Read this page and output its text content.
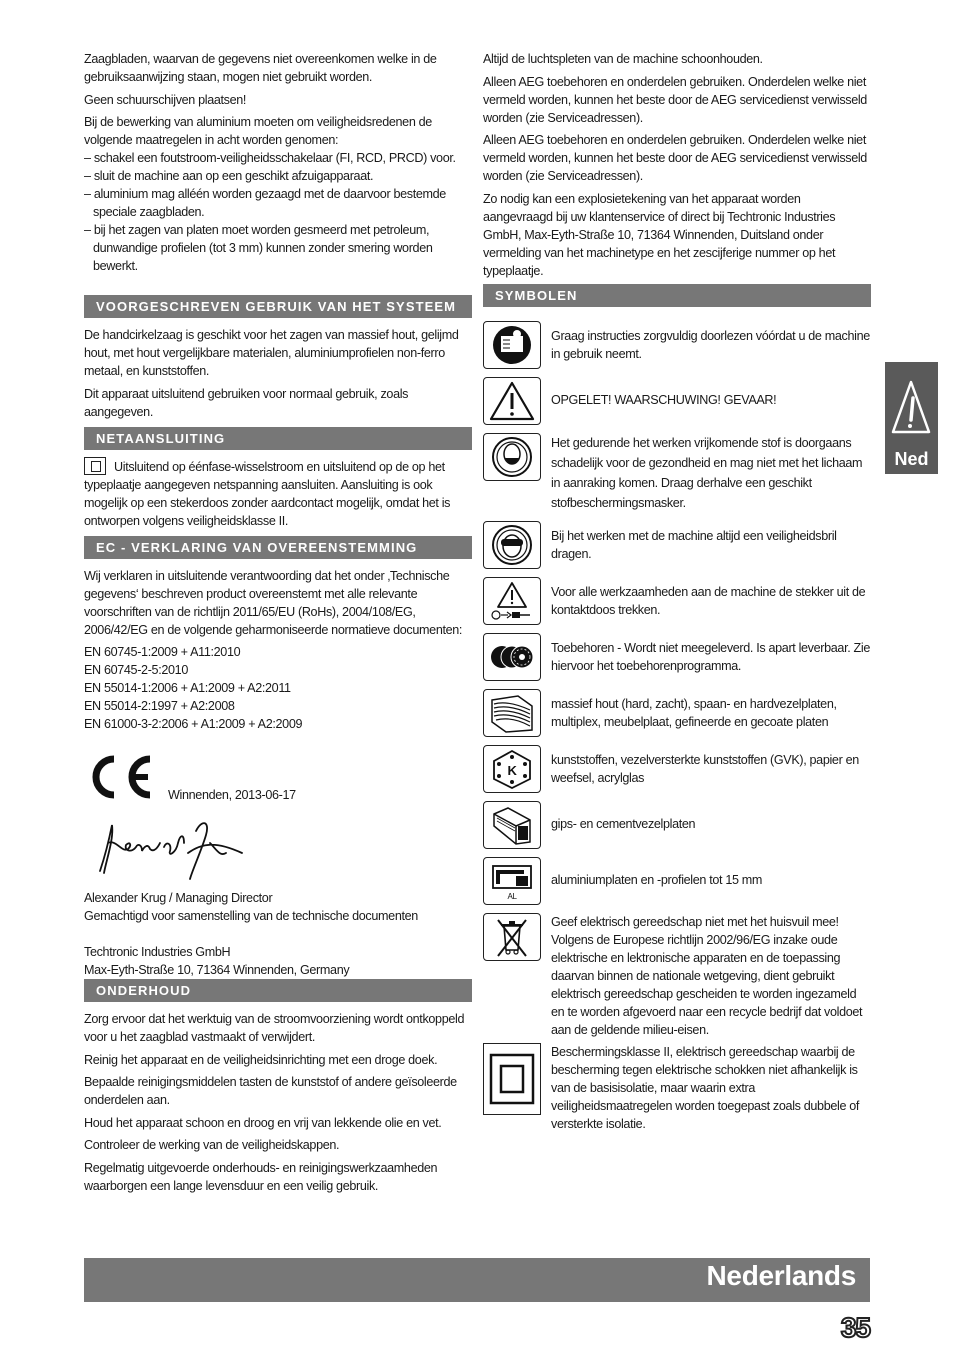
Zaagbladen, waarvan de gegevens niet overeenkomen welke in de gebruiksaanwijzing staan, mogen niet gebruikt worden.

Geen schuurschijven plaatsen!

Bij de bewerking van aluminium moeten om veiligheidsredenen de volgende maatregelen in acht worden genomen:

– schakel een foutstroom-veiligheidsschakelaar (FI, RCD, PRCD) voor.
– sluit de machine aan op een geschikt afzuigapparaat.
– aluminium mag alléén worden gezaagd met de daarvoor bestemde speciale zaagbladen.
– bij het zagen van platen moet worden gesmeerd met petroleum, dunwandige profielen (tot 3 mm) kunnen zonder smering worden bewerkt.
VOORGESCHREVEN GEBRUIK VAN HET SYSTEEM

De handcirkelzaag is geschikt voor het zagen van massief hout, gelijmd hout, met hout vergelijkbare materialen, aluminiumprofielen non-ferro metaal, en kunststoffen.

Dit apparaat uitsluitend gebruiken voor normaal gebruik, zoals aangegeven.

NETAANSLUITING

Uitsluitend op éénfase-wisselstroom en uitsluitend op de op het typeplaatje aangegeven netspanning aansluiten. Aansluiting is ook mogelijk op een stekerdoos zonder aardcontact mogelijk, omdat het is ontworpen volgens veiligheidsklasse II.

EC - VERKLARING VAN OVEREENSTEMMING

Wij verklaren in uitsluitende verantwoording dat het onder ‚Technische gegevens‘ beschreven product overeenstemt met alle relevante voorschriften van de richtlijn 2011/65/EU (RoHs), 2004/108/EG, 2006/42/EG en de volgende geharmoniseerde normatieve documenten:

EN 60745-1:2009 + A11:2010

EN 60745-2-5:2010

EN 55014-1:2006 + A1:2009 + A2:2011

EN 55014-2:1997 + A2:2008

EN 61000-3-2:2006 + A1:2009 + A2:2009

Winnenden, 2013-06-17

Alexander Krug / Managing Director

Gemachtigd voor samenstelling van de technische documenten

Techtronic Industries GmbH

Max-Eyth-Straße 10, 71364 Winnenden, Germany

ONDERHOUD

Zorg ervoor dat het werktuig van de stroomvoorziening wordt ontkoppeld voor u het zaagblad vastmaakt of verwijdert.

Reinig het apparaat en de veiligheidsinrichting met een droge doek.

Bepaalde reinigingsmiddelen tasten de kunststof of andere geïsoleerde onderdelen aan.

Houd het apparaat schoon en droog en vrij van lekkende olie en vet.

Controleer de werking van de veiligheidskappen.

Regelmatig uitgevoerde onderhouds- en reinigingswerkzaamheden waarborgen een lange levensduur en een veilig gebruik.

Altijd de luchtspleten van de machine schoonhouden.

Alleen AEG toebehoren en onderdelen gebruiken. Onderdelen welke niet vermeld worden, kunnen het beste door de AEG servicedienst verwisseld worden (zie Serviceadressen).

Alleen AEG toebehoren en onderdelen gebruiken. Onderdelen welke niet vermeld worden, kunnen het beste door de AEG servicedienst verwisseld worden (zie Serviceadressen).

Zo nodig kan een explosietekening van het apparaat worden aangevraagd bij uw klantenservice of direct bij Techtronic Industries GmbH, Max-Eyth-Straße 10, 71364 Winnenden, Duitsland onder vermelding van het machinetype en het zescijferige nummer op het typeplaatje.

SYMBOLEN
Graag instructies zorgvuldig doorlezen vóórdat u de machine in gebruik neemt.
OPGELET! WAARSCHUWING! GEVAAR!
Het gedurende het werken vrijkomende stof is doorgaans schadelijk voor de gezondheid en mag niet met het lichaam in aanraking komen. Draag derhalve een geschikt stofbeschermingsmasker.
Bij het werken met de machine altijd een veiligheidsbril dragen.
Voor alle werkzaamheden aan de machine de stekker uit de kontaktdoos trekken.
Toebehoren - Wordt niet meegeleverd. Is apart leverbaar. Zie hiervoor het toebehorenprogramma.
massief hout (hard, zacht), spaan- en hardvezelplaten, multiplex, meubelplaat, gefineerde en gecoate platen
K
kunststoffen, vezelversterkte kunststoffen (GVK), papier en weefsel, acrylglas
gips- en cementvezelplaten
AL
aluminiumplaten en -profielen tot 15 mm
Geef elektrisch gereedschap niet met het huisvuil mee! Volgens de Europese richtlijn 2002/96/EG inzake oude elektrische en lektronische apparaten en de toepassing daarvan binnen de nationale wetgeving, dient gebruikt elektrisch gereedschap gescheiden te worden ingezameld en te worden afgevoerd naar een recycle bedrijf dat voldoet aan de geldende milieu-eisen.
Beschermingsklasse II, elektrisch gereedschap waarbij de bescherming tegen elektrische schokken niet afhankelijk is van de basisisolatie, maar waarin extra veiligheidsmaatregelen worden toegepast zoals dubbele of versterkte isolatie.
Ned
Nederlands
35
